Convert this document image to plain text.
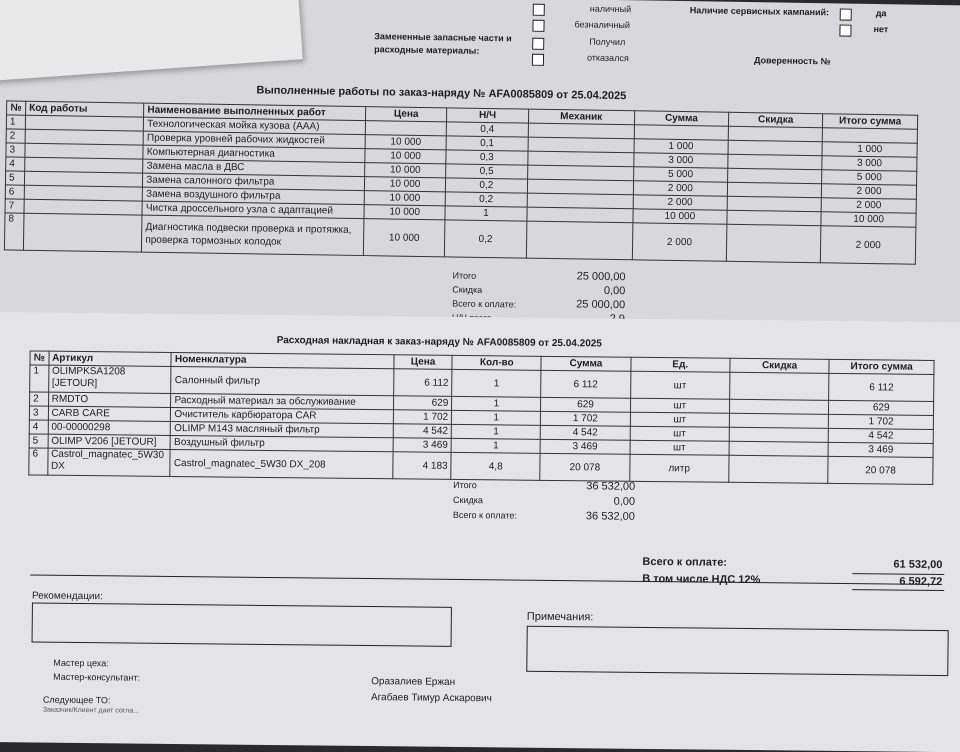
наличный
безналичный
Замененные запасные части и расходные материалы:
Получил
отказался
Наличие сервисных кампаний:	да
нет
Доверенность №
Выполненные работы по заказ-наряду № AFA0085809 от 25.04.2025
№	Код работы	Наименование выполненных работ	Цена	Н/Ч	Механик	Сумма	Скидка	Итого сумма
1		Технологическая мойка кузова (ААА)		0,4				
2		Проверка уровней рабочих жидкостей	10 000	0,1		1 000		1 000
3		Компьютерная диагностика	10 000	0,3		3 000		3 000
4		Замена масла в ДВС	10 000	0,5		5 000		5 000
5		Замена салонного фильтра	10 000	0,2		2 000		2 000
6		Замена воздушного фильтра	10 000	0,2		2 000		2 000
7		Чистка дроссельного узла с адаптацией	10 000	1		10 000		10 000
8		Диагностика подвески проверка и протяжка, проверка тормозных колодок	10 000	0,2		2 000		2 000
Итого	25 000,00
Скидка	0,00
Всего к оплате:	25 000,00
Расходная накладная к заказ-наряду № AFA0085809 от 25.04.2025
№	Артикул	Номенклатура	Цена	Кол-во	Сумма	Ед.	Скидка	Итого сумма
1	OLIMPKSA1208 [JETOUR]	Салонный фильтр	6 112	1	6 112	шт		6 112
2	RMDTO	Расходный материал за обслуживание	629	1	629	шт		629
3	CARB CARE	Очиститель карбюратора CAR	1 702	1	1 702	шт		1 702
4	00-00000298	OLIMP M143 масляный фильтр	4 542	1	4 542	шт		4 542
5	OLIMP V206 [JETOUR]	Воздушный фильтр	3 469	1	3 469	шт		3 469
6	Castrol_magnatec_5W30 DX	Castrol_magnatec_5W30 DX_208	4 183	4,8	20 078	литр		20 078
Итого	36 532,00
Скидка	0,00
Всего к оплате:	36 532,00
Всего к оплате:	61 532,00
В том числе НДС 12%	6 592,72
Рекомендации:
Примечания:
Мастер цеха:
Мастер-консультант:	Оразалиев Ержан
Агабаев Тимур Аскарович
Следующее ТО:
Заказчик/Клиент дает согла...
